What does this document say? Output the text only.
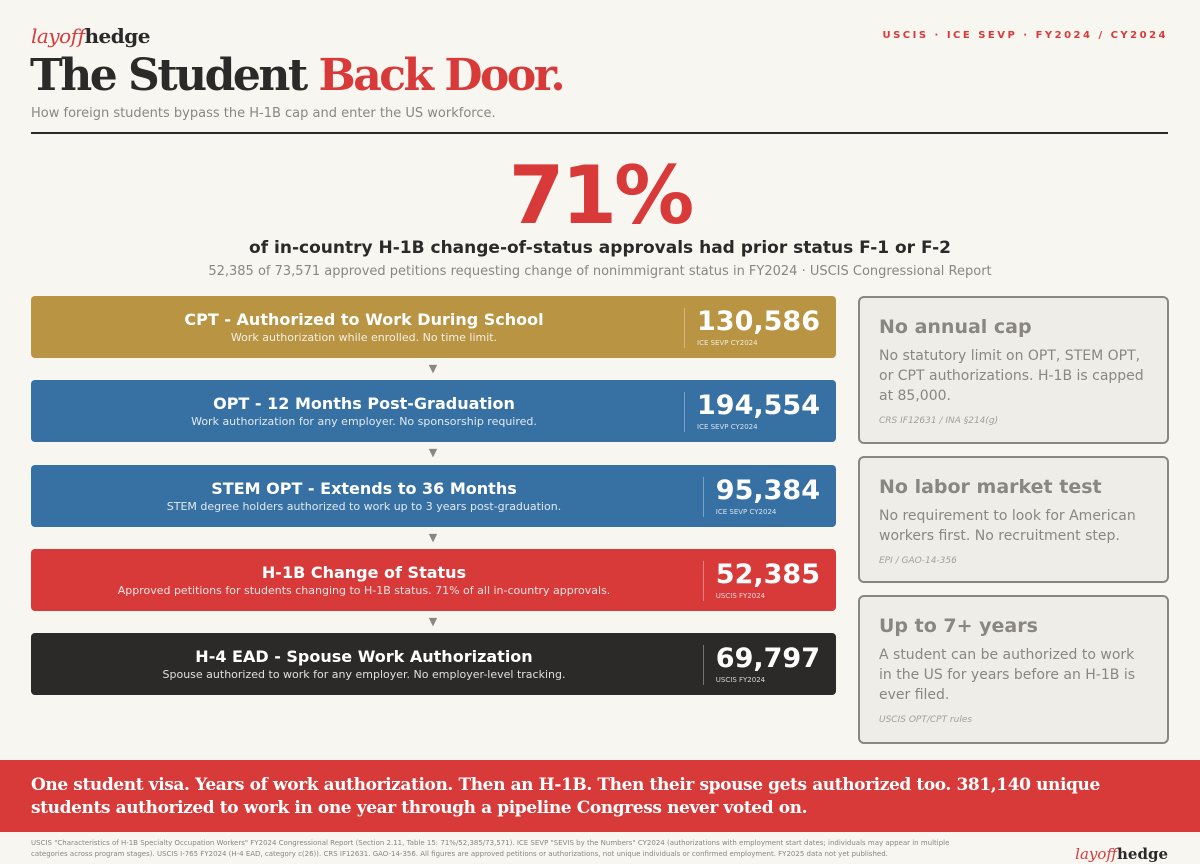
layoffhedge	USCIS · ICE SEVP · FY2024 / CY2024
The Student Back Door.
How foreign students bypass the H-1B cap and enter the US workforce.
71%
of in-country H-1B change-of-status approvals had prior status F-1 or F-2
52,385 of 73,571 approved petitions requesting change of nonimmigrant status in FY2024 · USCIS Congressional Report
CPT - Authorized to Work During School
Work authorization while enrolled. No time limit.
130,586
ICE SEVP CY2024
▼
OPT - 12 Months Post-Graduation
Work authorization for any employer. No sponsorship required.
194,554
ICE SEVP CY2024
▼
STEM OPT - Extends to 36 Months
STEM degree holders authorized to work up to 3 years post-graduation.
95,384
ICE SEVP CY2024
▼
H-1B Change of Status
Approved petitions for students changing to H-1B status. 71% of all in-country approvals.
52,385
USCIS FY2024
▼
H-4 EAD - Spouse Work Authorization
Spouse authorized to work for any employer. No employer-level tracking.
69,797
USCIS FY2024
No annual cap
No statutory limit on OPT, STEM OPT, or CPT authorizations. H-1B is capped at 85,000.
CRS IF12631 / INA §214(g)
No labor market test
No requirement to look for American workers first. No recruitment step.
EPI / GAO-14-356
Up to 7+ years
A student can be authorized to work in the US for years before an H-1B is ever filed.
USCIS OPT/CPT rules
One student visa. Years of work authorization. Then an H-1B. Then their spouse gets authorized too. 381,140 unique students authorized to work in one year through a pipeline Congress never voted on.
USCIS "Characteristics of H-1B Specialty Occupation Workers" FY2024 Congressional Report (Section 2.11, Table 15: 71%/52,385/73,571). ICE SEVP "SEVIS by the Numbers" CY2024 (authorizations with employment start dates; individuals may appear in multiple categories across program stages). USCIS I-765 FY2024 (H-4 EAD, category c(26)). CRS IF12631. GAO-14-356. All figures are approved petitions or authorizations, not unique individuals or confirmed employment. FY2025 data not yet published.	layoffhedge
